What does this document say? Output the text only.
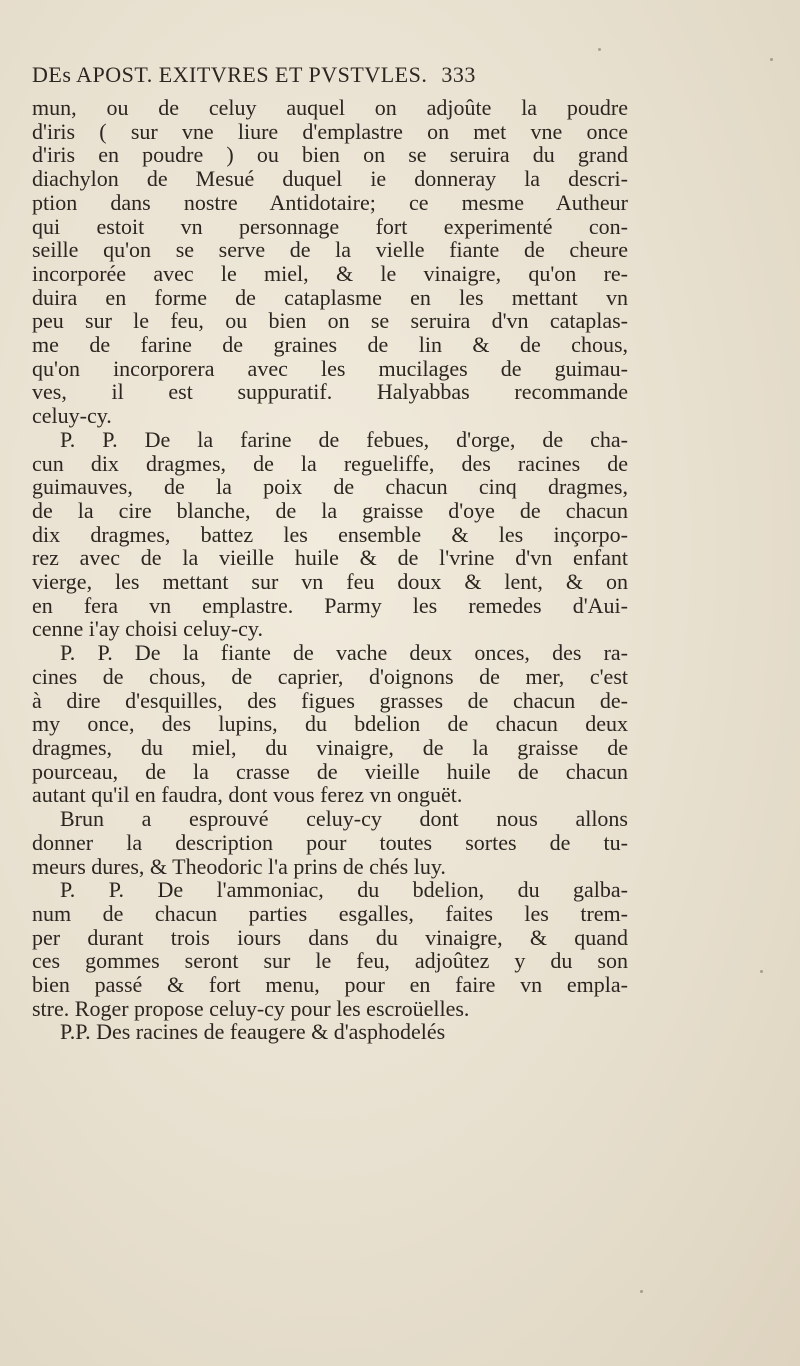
DEs APOST. EXITVRES ET PVSTVLES. 333
mun, ou de celuy auquel on adjoûte la poudre
d'iris ( sur vne liure d'emplastre on met vne once
d'iris en poudre ) ou bien on se seruira du grand
diachylon de Mesué duquel ie donneray la descri-
ption dans nostre Antidotaire; ce mesme Autheur
qui estoit vn personnage fort experimenté con-
seille qu'on se serve de la vielle fiante de cheure
incorporée avec le miel, & le vinaigre, qu'on re-
duira en forme de cataplasme en les mettant vn
peu sur le feu, ou bien on se seruira d'vn cataplas-
me de farine de graines de lin & de chous,
qu'on incorporera avec les mucilages de guimau-
ves, il est suppuratif. Halyabbas recommande
celuy-cy.
P. P. De la farine de febues, d'orge, de cha-
cun dix dragmes, de la regueliffe, des racines de
guimauves, de la poix de chacun cinq dragmes,
de la cire blanche, de la graisse d'oye de chacun
dix dragmes, battez les ensemble & les inçorpo-
rez avec de la vieille huile & de l'vrine d'vn enfant
vierge, les mettant sur vn feu doux & lent, & on
en fera vn emplastre. Parmy les remedes d'Aui-
cenne i'ay choisi celuy-cy.
P. P. De la fiante de vache deux onces, des ra-
cines de chous, de caprier, d'oignons de mer, c'est
à dire d'esquilles, des figues grasses de chacun de-
my once, des lupins, du bdelion de chacun deux
dragmes, du miel, du vinaigre, de la graisse de
pourceau, de la crasse de vieille huile de chacun
autant qu'il en faudra, dont vous ferez vn onguët.
Brun a esprouvé celuy-cy dont nous allons
donner la description pour toutes sortes de tu-
meurs dures, & Theodoric l'a prins de chés luy.
P. P. De l'ammoniac, du bdelion, du galba-
num de chacun parties esgalles, faites les trem-
per durant trois iours dans du vinaigre, & quand
ces gommes seront sur le feu, adjoûtez y du son
bien passé & fort menu, pour en faire vn empla-
stre. Roger propose celuy-cy pour les escroüelles.
P.P. Des racines de feaugere & d'asphodelés
